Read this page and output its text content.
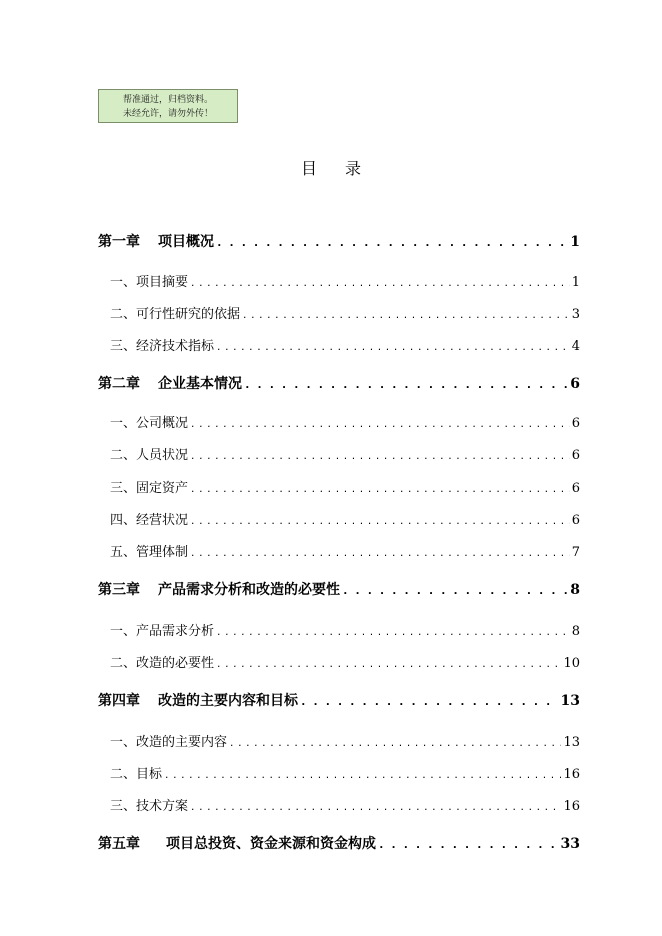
帮准通过，归档资料。
未经允许，请勿外传！
目录
第一章 项目概况 . . .	1
一、项目摘要 . . .	1
二、可行性研究的依据 . . .	3
三、经济技术指标 . . .	4
第二章 企业基本情况 . . .	6
一、公司概况 . . .	6
二、人员状况 . . .	6
三、固定资产 . . .	6
四、经营状况 . . .	6
五、管理体制 . . .	7
第三章 产品需求分析和改造的必要性 . . .	8
一、产品需求分析 . . .	8
二、改造的必要性 . . .	10
第四章 改造的主要内容和目标 . . .	13
一、改造的主要内容 . . .	13
二、目标 . . .	16
三、技术方案 . . .	16
第五章 项目总投资、资金来源和资金构成 . . .	33
